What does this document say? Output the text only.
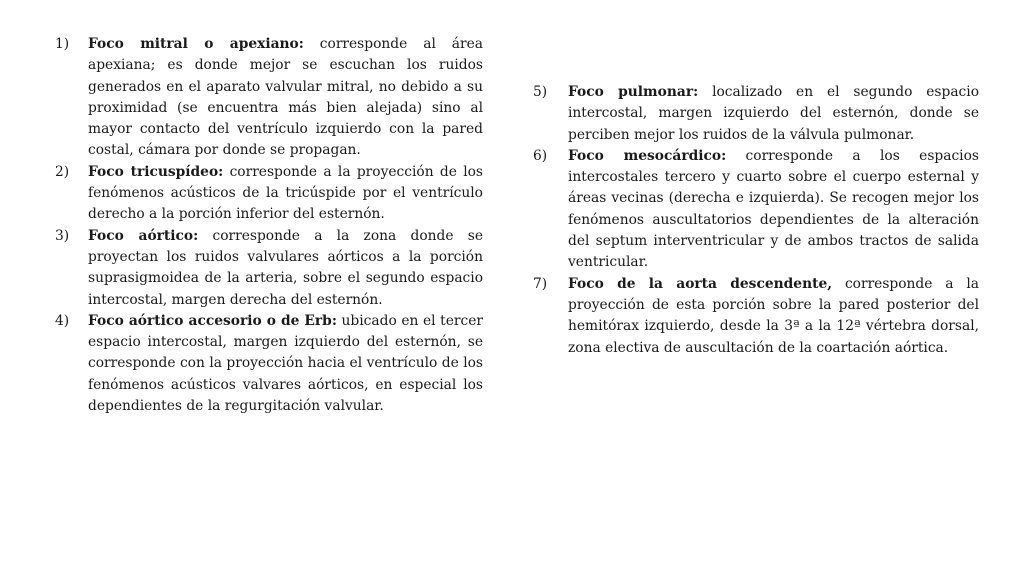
1) Foco mitral o apexiano: corresponde al área apexiana; es donde mejor se escuchan los ruidos generados en el aparato valvular mitral, no debido a su proximidad (se encuentra más bien alejada) sino al mayor contacto del ventrículo izquierdo con la pared costal, cámara por donde se propagan.
2) Foco tricuspídeo: corresponde a la proyección de los fenómenos acústicos de la tricúspide por el ventrículo derecho a la porción inferior del esternón.
3) Foco aórtico: corresponde a la zona donde se proyectan los ruidos valvulares aórticos a la porción suprasigmoidea de la arteria, sobre el segundo espacio intercostal, margen derecha del esternón.
4) Foco aórtico accesorio o de Erb: ubicado en el tercer espacio intercostal, margen izquierdo del esternón, se corresponde con la proyección hacia el ventrículo de los fenómenos acústicos valvares aórticos, en especial los dependientes de la regurgitación valvular.
5) Foco pulmonar: localizado en el segundo espacio intercostal, margen izquierdo del esternón, donde se perciben mejor los ruidos de la válvula pulmonar.
6) Foco mesocárdico: corresponde a los espacios intercostales tercero y cuarto sobre el cuerpo esternal y áreas vecinas (derecha e izquierda). Se recogen mejor los fenómenos auscultatorios dependientes de la alteración del septum interventricular y de ambos tractos de salida ventricular.
7) Foco de la aorta descendente, corresponde a la proyección de esta porción sobre la pared posterior del hemitórax izquierdo, desde la 3ª a la 12ª vértebra dorsal, zona electiva de auscultación de la coartación aórtica.
